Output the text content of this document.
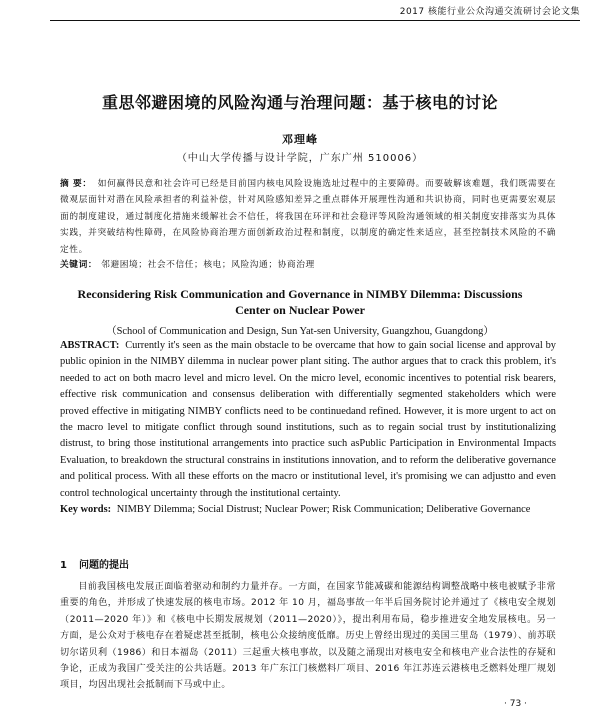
2017 核能行业公众沟通交流研讨会论文集
重思邻避困境的风险沟通与治理问题：基于核电的讨论
邓理峰
（中山大学传播与设计学院，广东广州 510006）
摘 要： 如何赢得民意和社会许可已经是目前国内核电风险设施选址过程中的主要障碍。而要破解该难题，我们既需要在微观层面针对潜在风险承担者的利益补偿，针对风险感知差异之重点群体开展理性沟通和共识协商，同时也更需要宏观层面的制度建设，通过制度化措施来缓解社会不信任，将我国在环评和社会稳评等风险沟通领域的相关制度安排落实为具体实践，并突破结构性障碍，在风险协商治理方面创新政治过程和制度，以制度的确定性来适应，甚至控制技术风险的不确定性。
关键词： 邻避困境；社会不信任；核电；风险沟通；协商治理
Reconsidering Risk Communication and Governance in NIMBY Dilemma: Discussions Center on Nuclear Power
（School of Communication and Design, Sun Yat-sen University, Guangzhou, Guangdong）
ABSTRACT: Currently it's seen as the main obstacle to be overcame that how to gain social license and approval by public opinion in the NIMBY dilemma in nuclear power plant siting. The author argues that to crack this problem, it's needed to act on both macro level and micro level. On the micro level, economic incentives to potential risk bearers, effective risk communication and consensus deliberation with differentially segmented stakeholders which were proved effective in mitigating NIMBY conflicts need to be continuedand refined. However, it is more urgent to act on the macro level to mitigate conflict through sound institutions, such as to regain social trust by institutionalizing distrust, to bring those institutional arrangements into practice such asPublic Participation in Environmental Impacts Evaluation, to breakdown the structural constrains in institutions innovation, and to reform the deliberative governance and political process. With all these efforts on the macro or institutional level, it's promising we can adjustto and even control technological uncertainty through the institutional certainty.
Key words: NIMBY Dilemma; Social Distrust; Nuclear Power; Risk Communication; Deliberative Governance
1 问题的提出
目前我国核电发展正面临着驱动和制约力量并存。一方面，在国家节能减碳和能源结构调整战略中核电被赋予非常重要的角色，并形成了快速发展的核电市场。2012 年 10 月，福岛事故一年半后国务院讨论并通过了《核电安全规划（2011—2020 年）》和《核电中长期发展规划（2011—2020）》，提出利用布局，稳步推进安全地发展核电。另一方面，是公众对于核电存在着疑虑甚至抵制，核电公众接纳度低靡。历史上曾经出现过的美国三里岛（1979）、前苏联切尔诺贝利（1986）和日本福岛（2011）三起重大核电事故，以及随之涌现出对核电安全和核电产业合法性的存疑和争论，正成为我国广受关注的公共话题。2013 年广东江门核燃料厂项目、2016 年江苏连云港核电乏燃料处理厂规划项目，均因出现社会抵制而下马或中止。
· 73 ·
